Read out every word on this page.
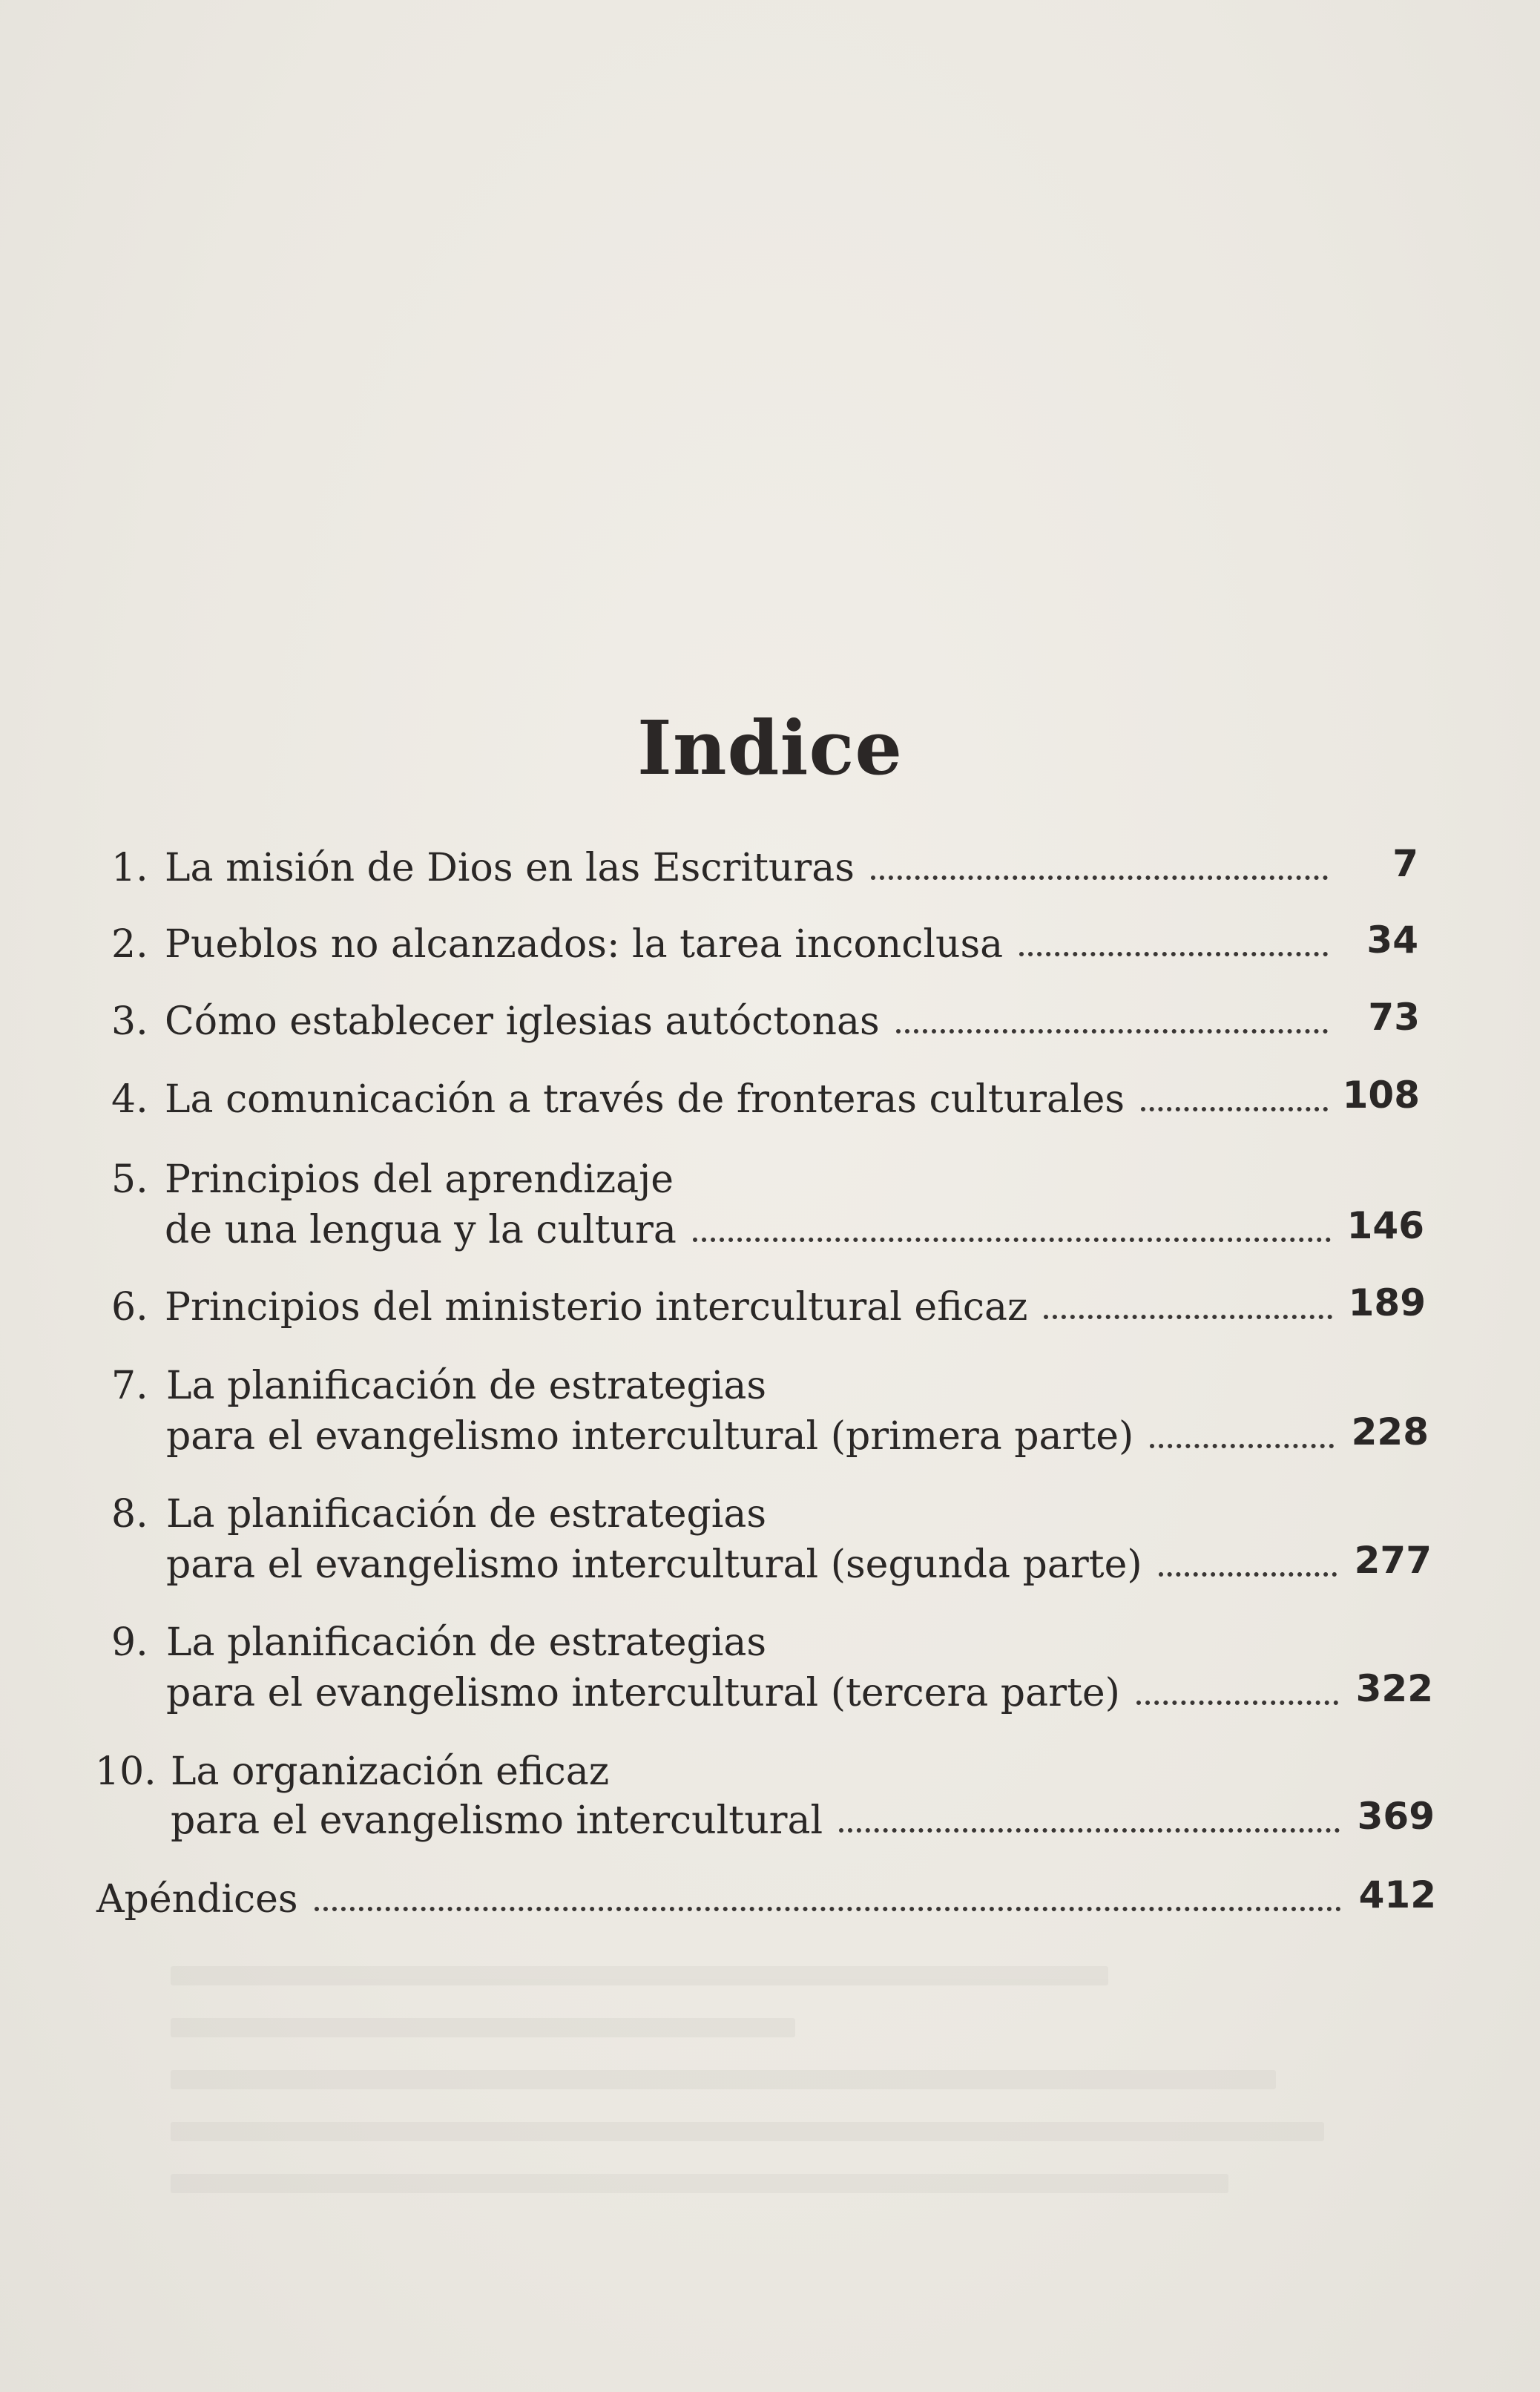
Indice
1. La misión de Dios en las Escrituras	7
2. Pueblos no alcanzados: la tarea inconclusa	34
3. Cómo establecer iglesias autóctonas	73
4. La comunicación a través de fronteras culturales	108
5. Principios del aprendizaje
de una lengua y la cultura	146
6. Principios del ministerio intercultural eficaz	189
7. La planificación de estrategias
para el evangelismo intercultural (primera parte)	228
8. La planificación de estrategias
para el evangelismo intercultural (segunda parte)	277
9. La planificación de estrategias
para el evangelismo intercultural (tercera parte)	322
10. La organización eficaz
para el evangelismo intercultural	369
Apéndices	412
